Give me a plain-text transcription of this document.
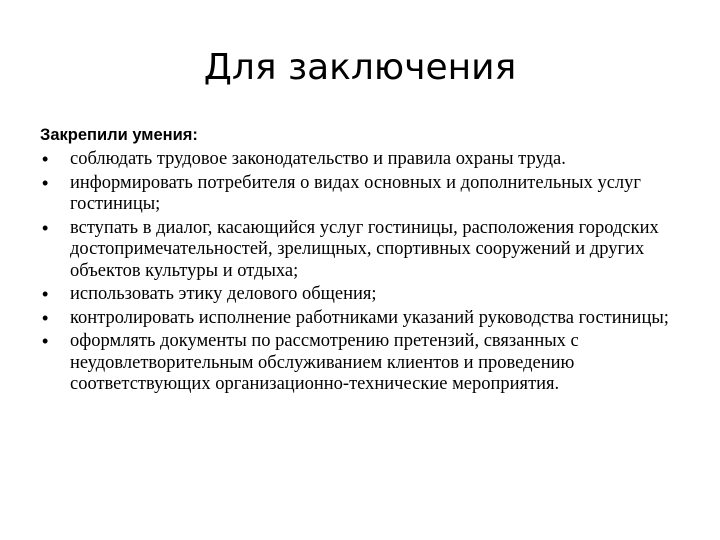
Для заключения
Закрепили умения:
• соблюдать трудовое законодательство и правила охраны труда.
• информировать потребителя о видах основных и дополнительных услуг гостиницы;
• вступать в диалог, касающийся услуг гостиницы, расположения городских достопримечательностей, зрелищных, спортивных сооружений и других объектов культуры и отдыха;
• использовать этику делового общения;
• контролировать исполнение работниками указаний руководства гостиницы;
• оформлять документы по рассмотрению претензий, связанных с неудовлетворительным обслуживанием клиентов и проведению соответствующих организационно-технические мероприятия.
